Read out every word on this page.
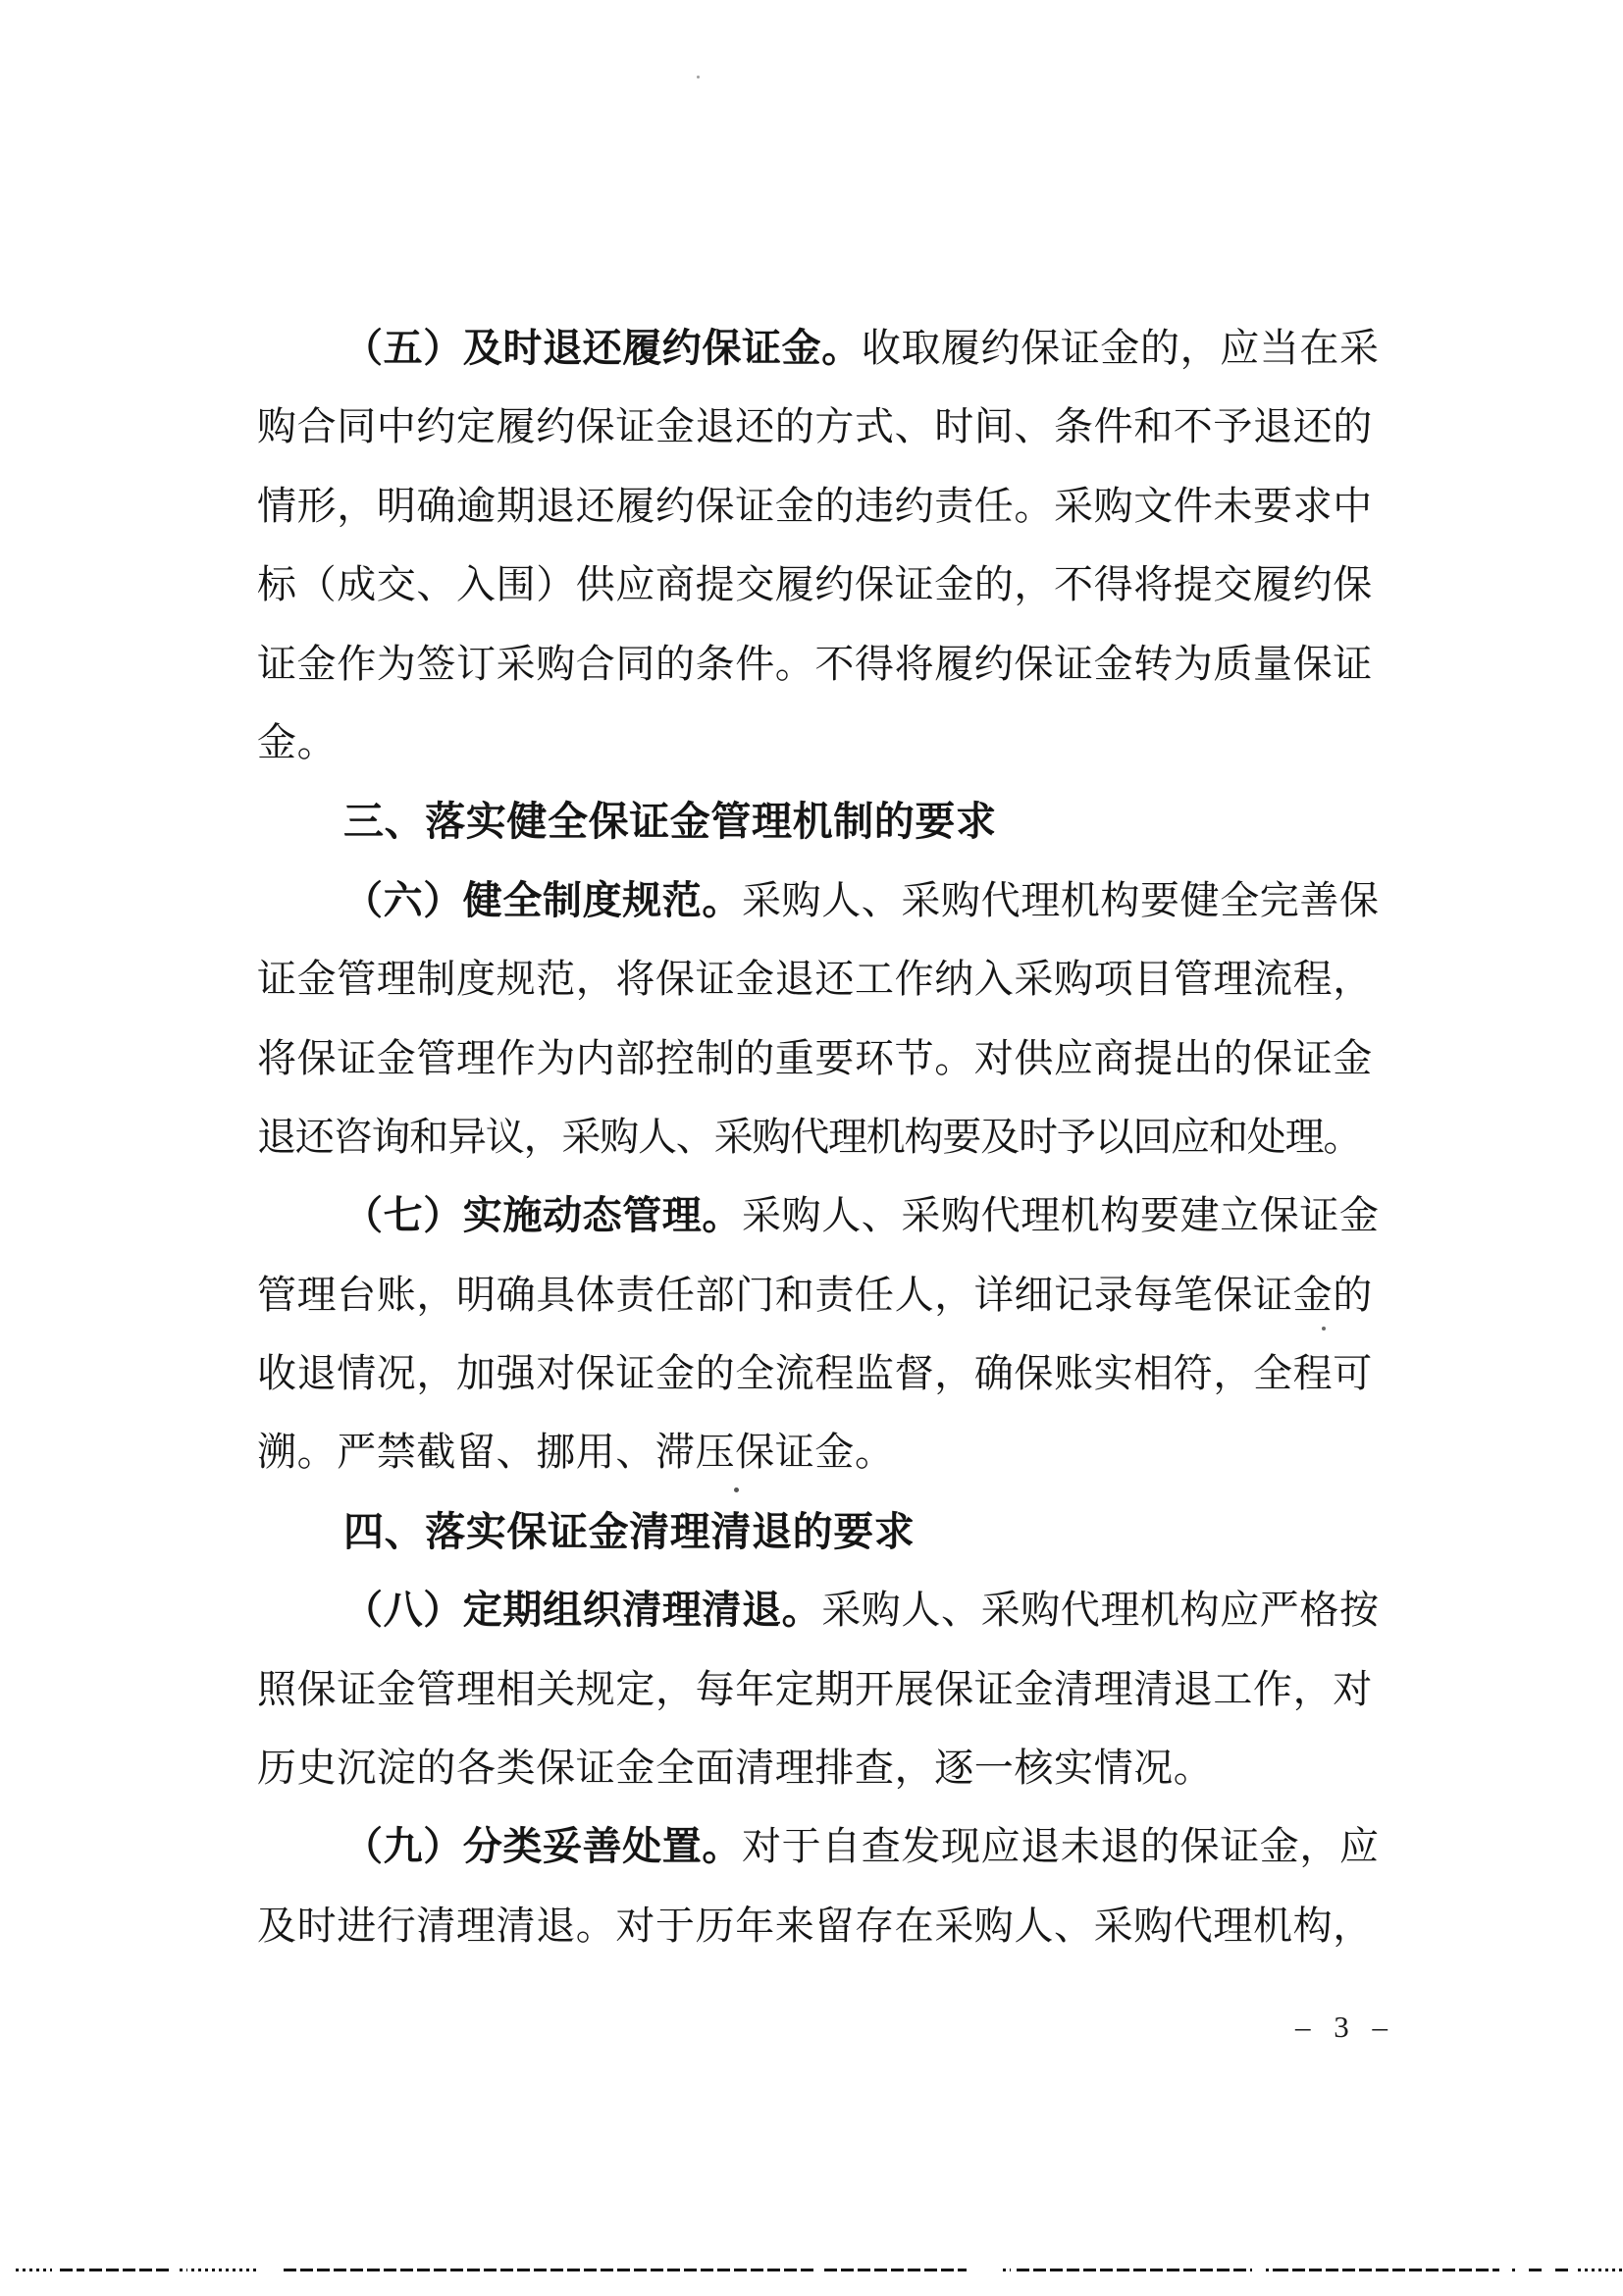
（五）及时退还履约保证金。收取履约保证金的，应当在采
购合同中约定履约保证金退还的方式、时间、条件和不予退还的
情形，明确逾期退还履约保证金的违约责任。采购文件未要求中
标（成交、入围）供应商提交履约保证金的，不得将提交履约保
证金作为签订采购合同的条件。不得将履约保证金转为质量保证
金。
三、落实健全保证金管理机制的要求
（六）健全制度规范。采购人、采购代理机构要健全完善保
证金管理制度规范，将保证金退还工作纳入采购项目管理流程，
将保证金管理作为内部控制的重要环节。对供应商提出的保证金
退还咨询和异议，采购人、采购代理机构要及时予以回应和处理。
（七）实施动态管理。采购人、采购代理机构要建立保证金
管理台账，明确具体责任部门和责任人，详细记录每笔保证金的
收退情况，加强对保证金的全流程监督，确保账实相符，全程可
溯。严禁截留、挪用、滞压保证金。
四、落实保证金清理清退的要求
（八）定期组织清理清退。采购人、采购代理机构应严格按
照保证金管理相关规定，每年定期开展保证金清理清退工作，对
历史沉淀的各类保证金全面清理排查，逐一核实情况。
（九）分类妥善处置。对于自查发现应退未退的保证金，应
及时进行清理清退。对于历年来留存在采购人、采购代理机构，
– 3 –
